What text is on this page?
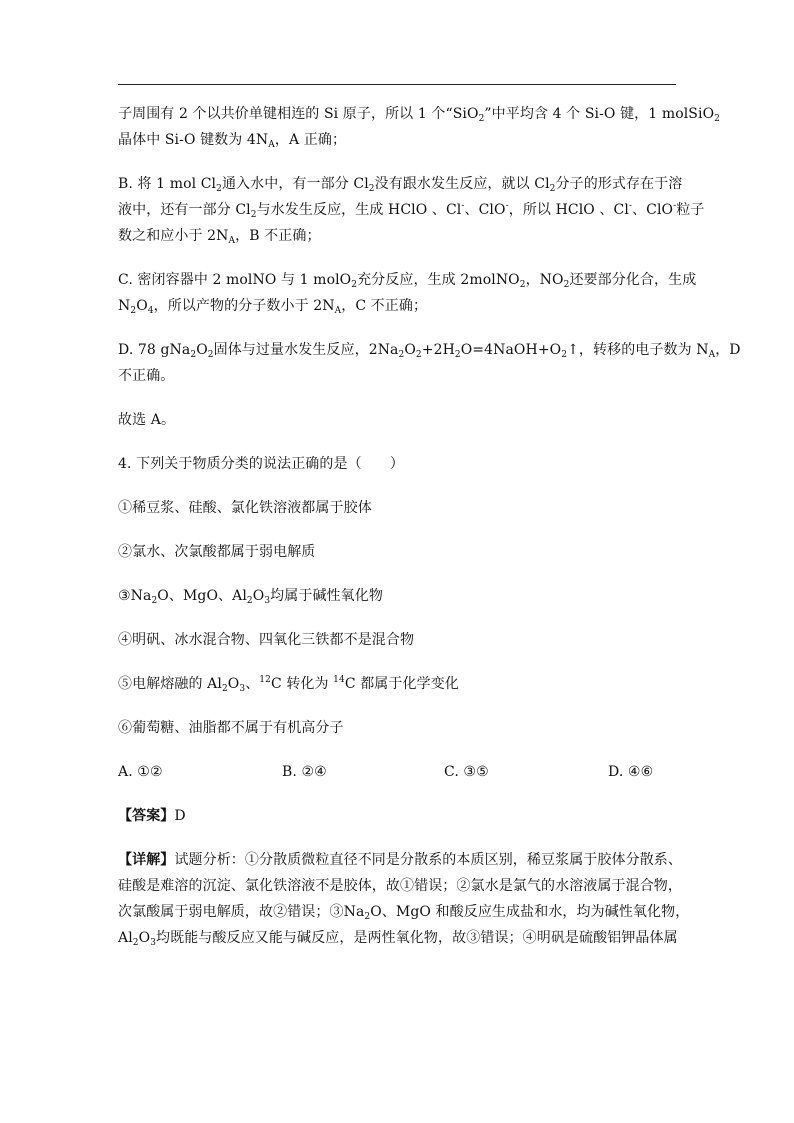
子周围有 2 个以共价单键相连的 Si 原子，所以 1 个“SiO$_2$”中平均含 4 个 Si-O 键，1 molSiO$_2$

晶体中 Si-O 键数为 $4N_A$，A 正确；

B. 将 1 mol $Cl_2$通入水中，有一部分 $Cl_2$没有跟水发生反应，就以 $Cl_2$分子的形式存在于溶

液中，还有一部分 $Cl_2$与水发生反应，生成 HClO 、Cl-、ClO-，所以 HClO 、Cl-、ClO-粒子

数之和应小于 $2N_A$，B 不正确；

C. 密闭容器中 2 molNO 与 1 molO$_2$充分反应，生成 2molNO$_2$，$NO_2$还要部分化合，生成

$N_2O_4$，所以产物的分子数小于 $2N_A$，C 不正确；

D. 78 $gNa_2O_2$固体与过量水发生反应，$2Na_2O_2+2H_2O=4NaOH+O_2↑$，转移的电子数为 $N_A$，D

不正确。

故选 A。

4. 下列关于物质分类的说法正确的是（　　）

①稀豆浆、硅酸、氯化铁溶液都属于胶体

②氯水、次氯酸都属于弱电解质

$③Na_2O$、MgO、$Al_2O_3$均属于碱性氧化物

④明矾、冰水混合物、四氧化三铁都不是混合物

⑤电解熔融的 $Al_2O_3$、$^{12}$C 转化为 $^{14}$C 都属于化学变化

⑥葡萄糖、油脂都不属于有机高分子

A. ①②	B. ②④	C. ③⑤	D. ④⑥

【答案】D

【详解】试题分析：①分散质微粒直径不同是分散系的本质区别，稀豆浆属于胶体分散系、

硅酸是难溶的沉淀、氯化铁溶液不是胶体，故①错误；②氯水是氯气的水溶液属于混合物，

次氯酸属于弱电解质，故②错误；$③Na_2O$、MgO 和酸反应生成盐和水，均为碱性氧化物，

$Al_2O_3$均既能与酸反应又能与碱反应，是两性氧化物，故③错误；④明矾是硫酸铝钾晶体属
